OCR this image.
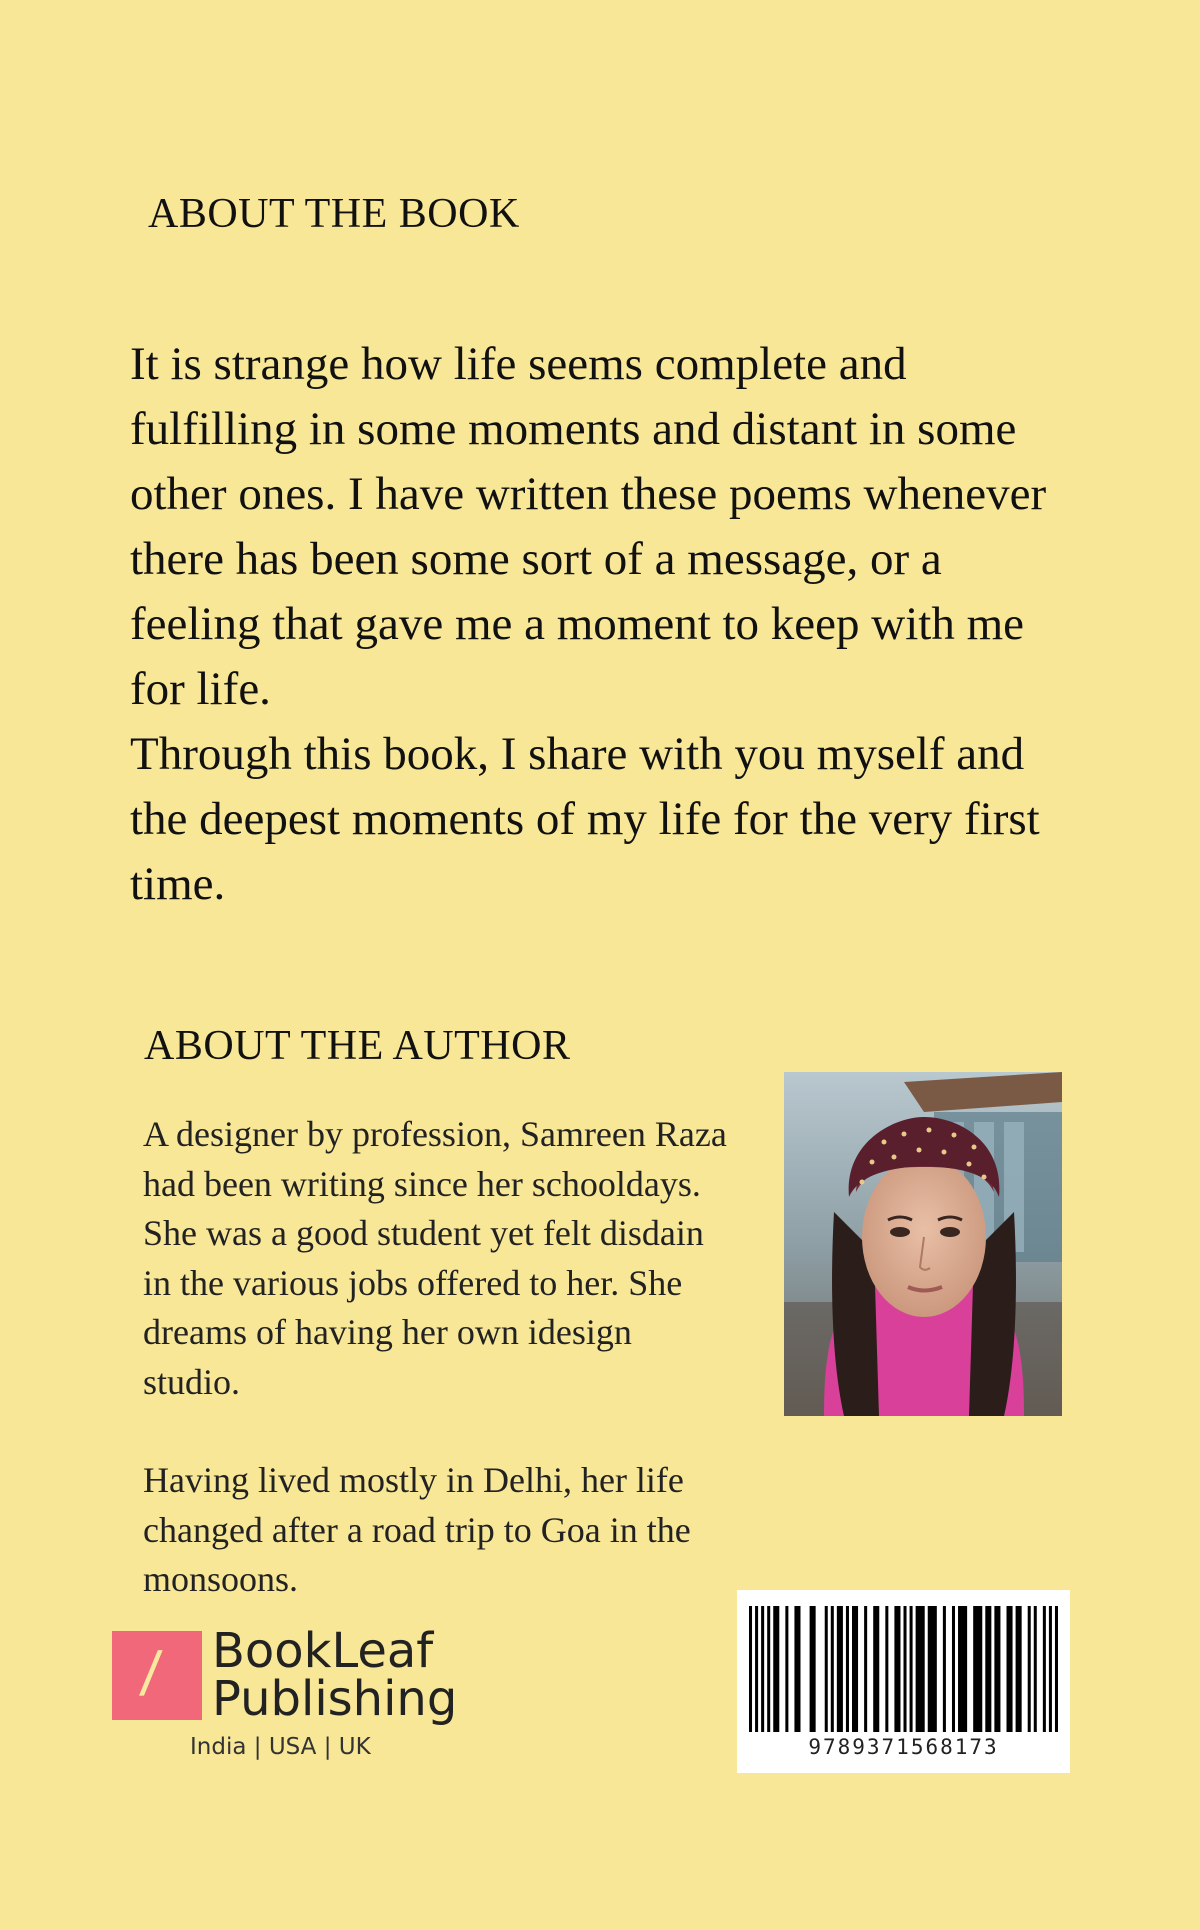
ABOUT THE BOOK

It is strange how life seems complete and fulfilling in some moments and distant in some other ones. I have written these poems whenever there has been some sort of a message, or a feeling that gave me a moment to keep with me for life.

Through this book, I share with you myself and the deepest moments of my life for the very first time.

ABOUT THE AUTHOR

A designer by profession, Samreen Raza had been writing since her schooldays. She was a good student yet felt disdain in the various jobs offered to her. She dreams of having her own idesign studio.

Having lived mostly in Delhi, her life changed after a road trip to Goa in the monsoons.

/ BookLeaf
Publishing
India | USA | UK	9789371568173
